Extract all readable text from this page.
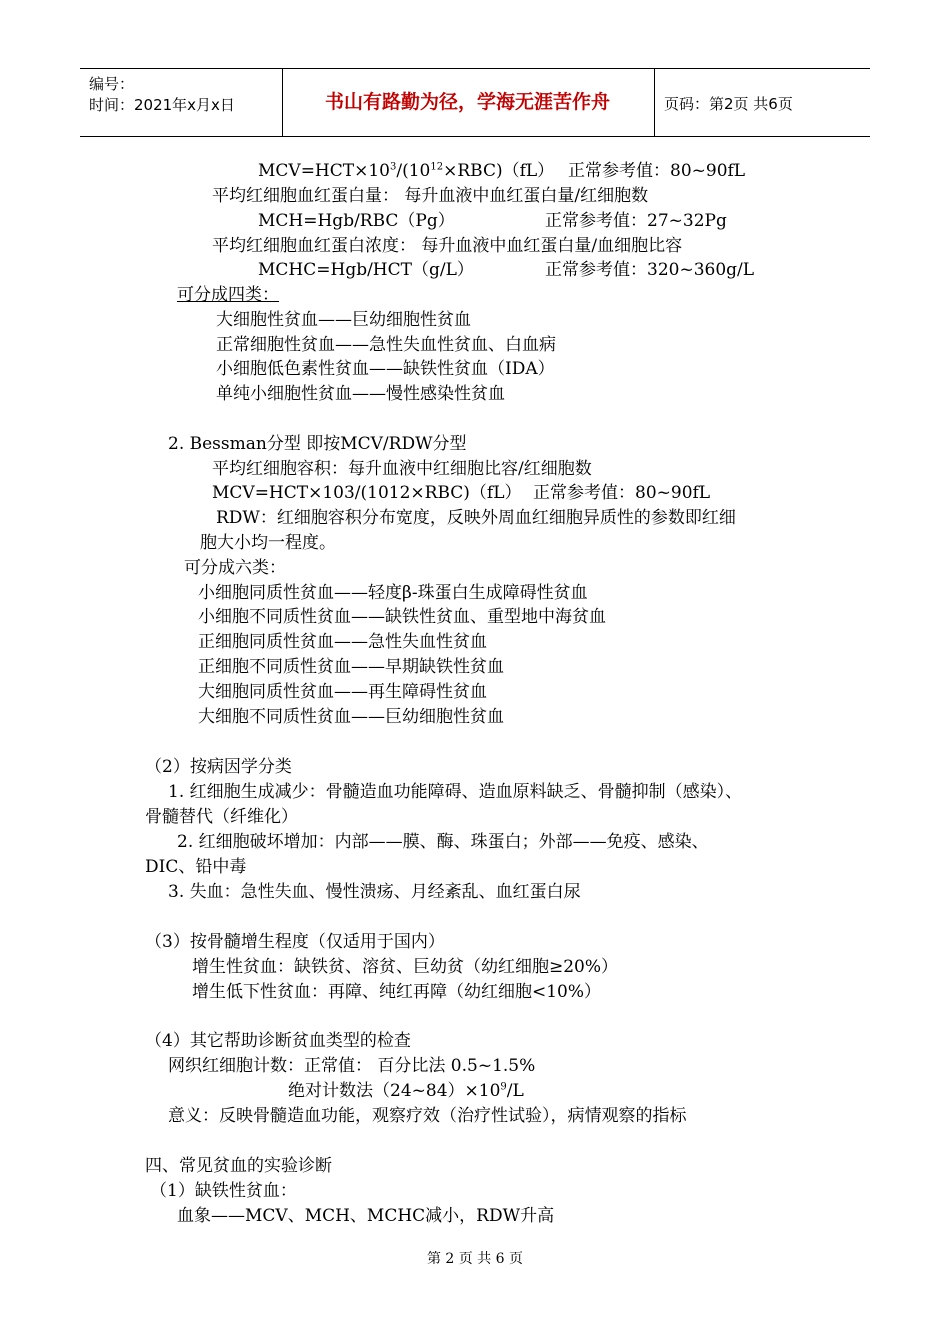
编号：
时间：2021年x月x日	书山有路勤为径，学海无涯苦作舟	页码：第2页 共6页
$MCV=HCT\times 10^3/(10^{12}\times RBC)(fL)$ 正常参考值：80~90fL
平均红细胞血红蛋白量： 每升血液中血红蛋白量/红细胞数
MCH=Hgb/RBC（Pg）	正常参考值：27~32Pg
平均红细胞血红蛋白浓度： 每升血液中血红蛋白量/血细胞比容
MCHC=Hgb/HCT（g/L）	正常参考值：320~360g/L
可分成四类：
大细胞性贫血——巨幼细胞性贫血
正常细胞性贫血——急性失血性贫血、白血病
小细胞低色素性贫血——缺铁性贫血（IDA）
单纯小细胞性贫血——慢性感染性贫血
2. Bessman分型 即按MCV/RDW分型
平均红细胞容积：每升血液中红细胞比容/红细胞数
MCV=HCT×103/(1012×RBC)（fL） 正常参考值：80~90fL
RDW：红细胞容积分布宽度，反映外周血红细胞异质性的参数即红细
胞大小均一程度。
可分成六类：
小细胞同质性贫血——轻度β-珠蛋白生成障碍性贫血
小细胞不同质性贫血——缺铁性贫血、重型地中海贫血
正细胞同质性贫血——急性失血性贫血
正细胞不同质性贫血——早期缺铁性贫血
大细胞同质性贫血——再生障碍性贫血
大细胞不同质性贫血——巨幼细胞性贫血
（2）按病因学分类
1. 红细胞生成减少：骨髓造血功能障碍、造血原料缺乏、骨髓抑制（感染）、
骨髓替代（纤维化）
2. 红细胞破坏增加：内部——膜、酶、珠蛋白；外部——免疫、感染、
DIC、铅中毒
3. 失血：急性失血、慢性溃疡、月经紊乱、血红蛋白尿
（3）按骨髓增生程度（仅适用于国内）
增生性贫血：缺铁贫、溶贫、巨幼贫（幼红细胞≥20%）
增生低下性贫血：再障、纯红再障（幼红细胞<10%）
（4）其它帮助诊断贫血类型的检查
网织红细胞计数：正常值： 百分比法 0.5~1.5%
绝对计数法$(24\sim 84)\times 10^9/L$
意义：反映骨髓造血功能，观察疗效（治疗性试验），病情观察的指标
四、常见贫血的实验诊断
（1）缺铁性贫血：
血象——MCV、MCH、MCHC减小，RDW升高
第 2 页 共 6 页
